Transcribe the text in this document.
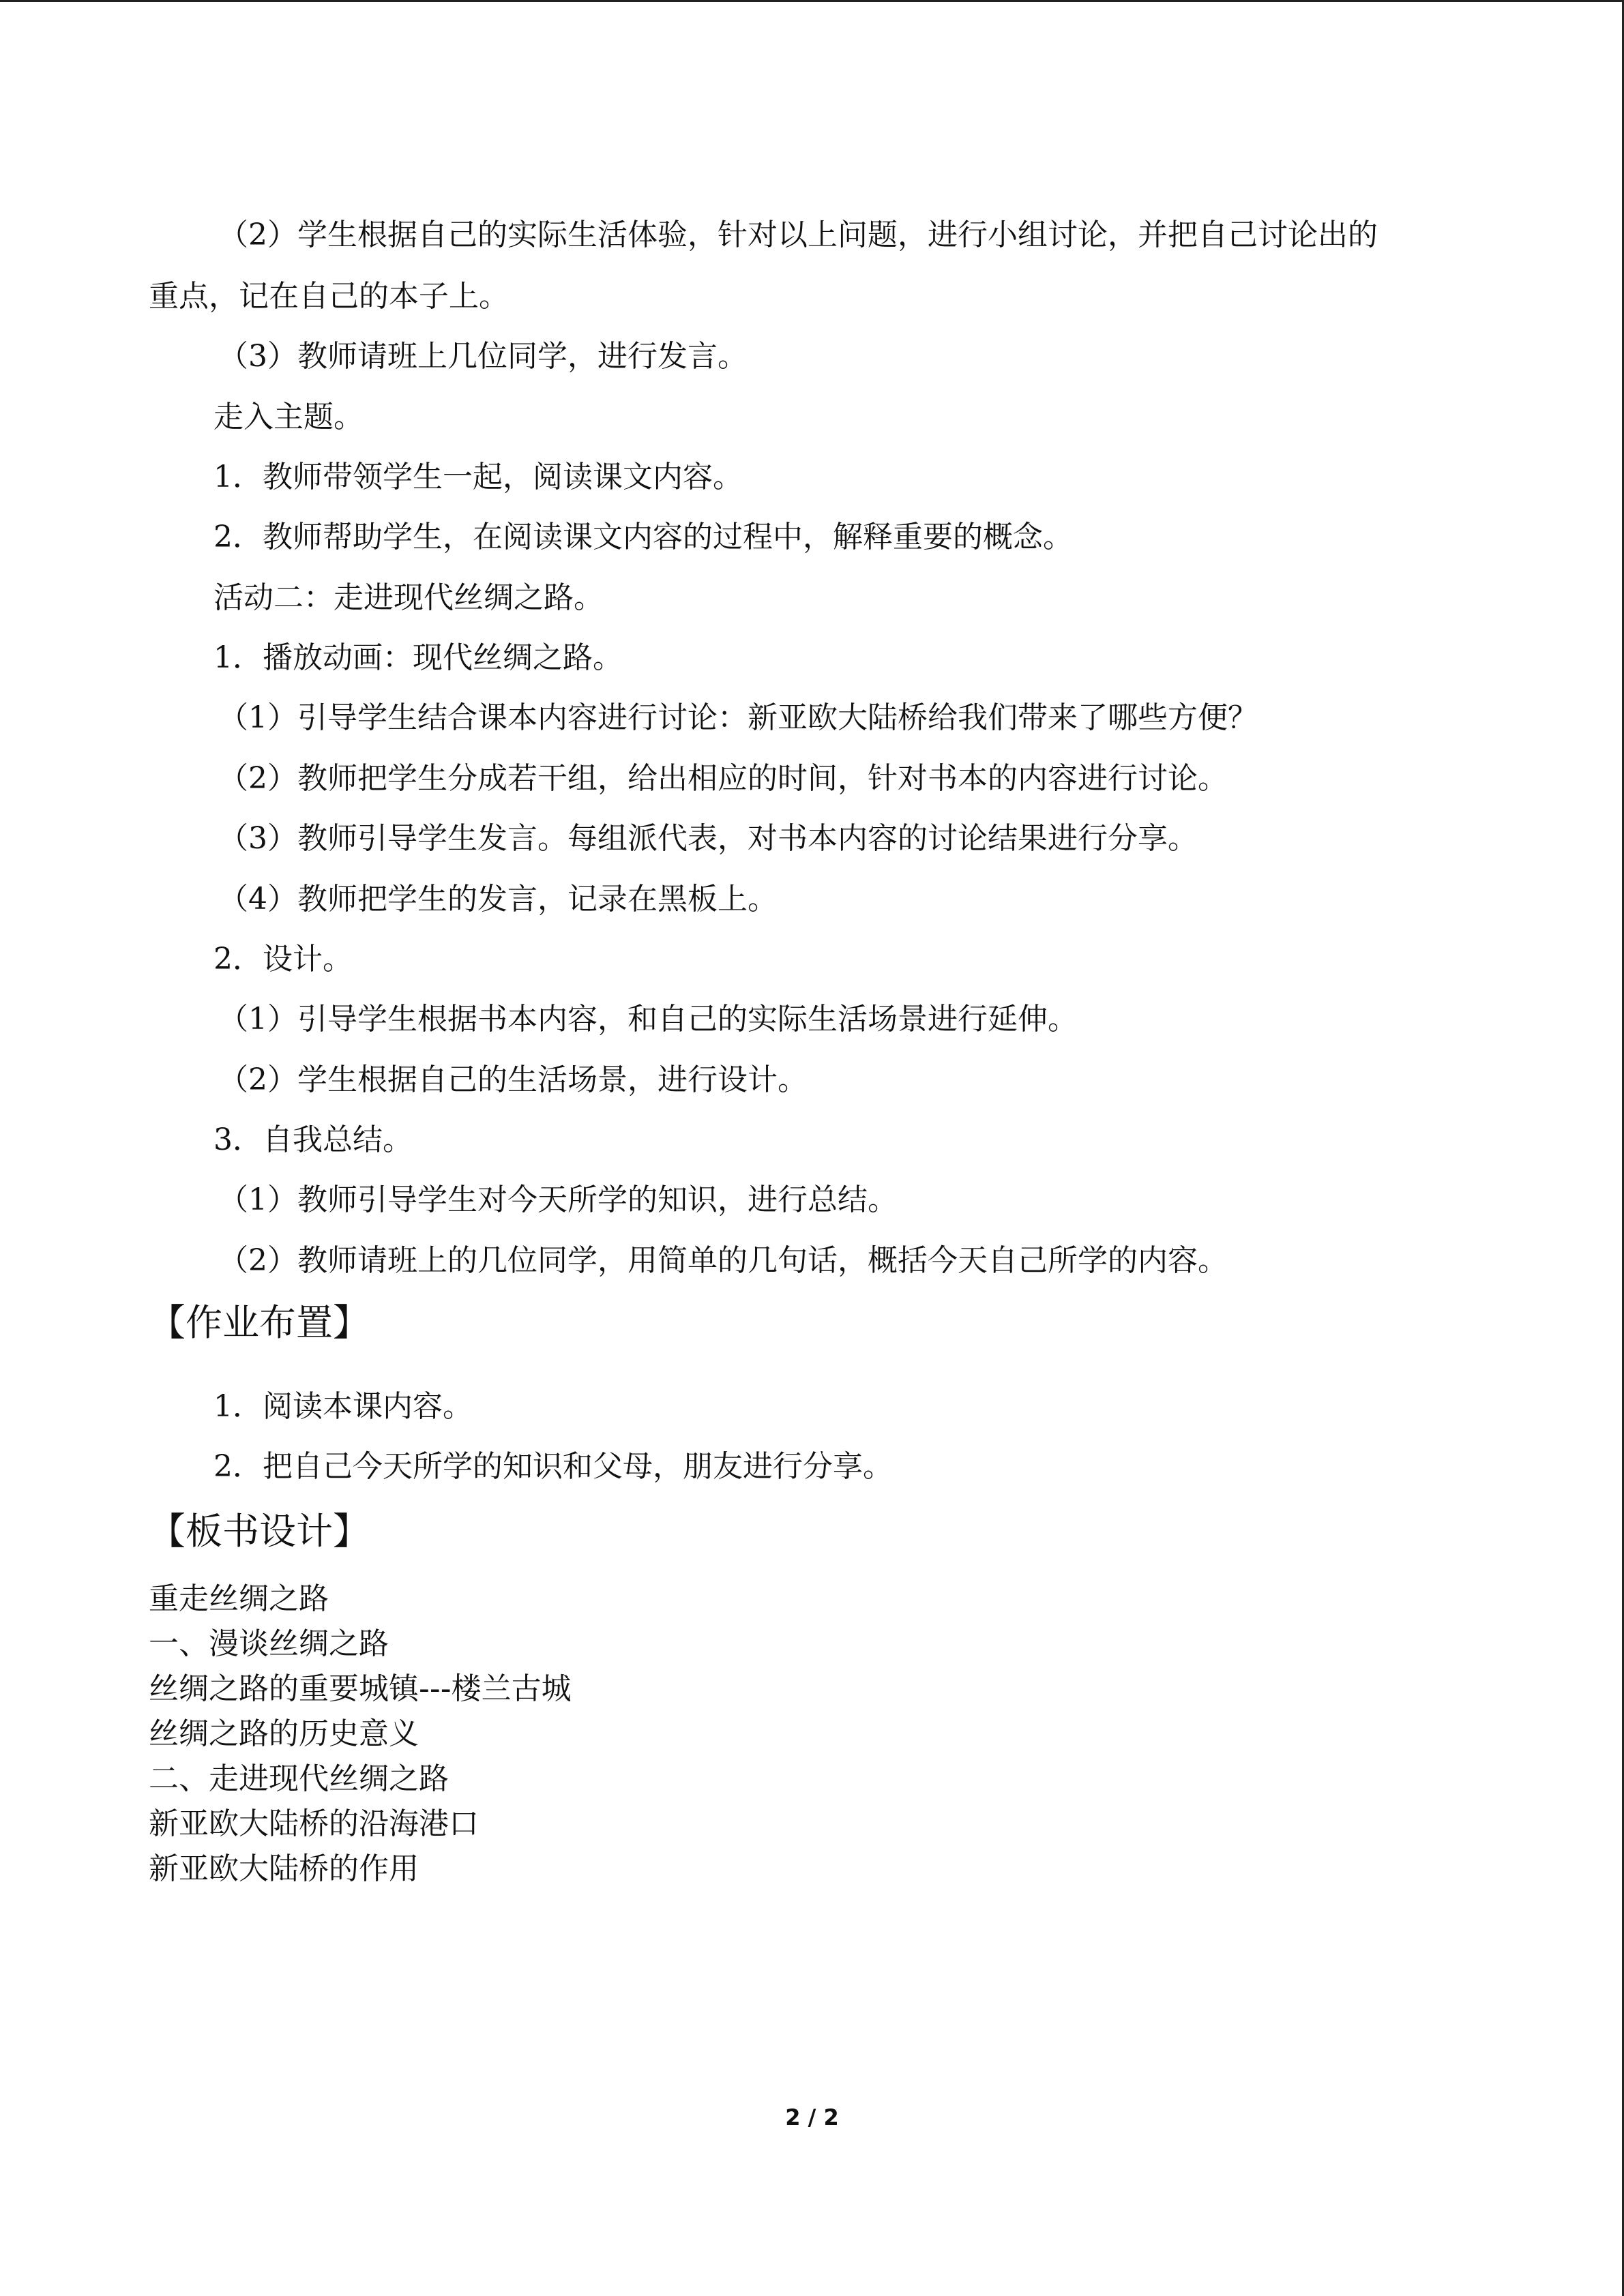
（2）学生根据自己的实际生活体验，针对以上问题，进行小组讨论，并把自己讨论出的
重点，记在自己的本子上。
（3）教师请班上几位同学，进行发言。
走入主题。
1．教师带领学生一起，阅读课文内容。
2．教师帮助学生，在阅读课文内容的过程中，解释重要的概念。
活动二：走进现代丝绸之路。
1．播放动画：现代丝绸之路。
（1）引导学生结合课本内容进行讨论：新亚欧大陆桥给我们带来了哪些方便？
（2）教师把学生分成若干组，给出相应的时间，针对书本的内容进行讨论。
（3）教师引导学生发言。每组派代表，对书本内容的讨论结果进行分享。
（4）教师把学生的发言，记录在黑板上。
2．设计。
（1）引导学生根据书本内容，和自己的实际生活场景进行延伸。
（2）学生根据自己的生活场景，进行设计。
3．自我总结。
（1）教师引导学生对今天所学的知识，进行总结。
（2）教师请班上的几位同学，用简单的几句话，概括今天自己所学的内容。
【作业布置】
1．阅读本课内容。
2．把自己今天所学的知识和父母，朋友进行分享。
【板书设计】
重走丝绸之路
一、漫谈丝绸之路
丝绸之路的重要城镇---楼兰古城
丝绸之路的历史意义
二、走进现代丝绸之路
新亚欧大陆桥的沿海港口
新亚欧大陆桥的作用
2 / 2
